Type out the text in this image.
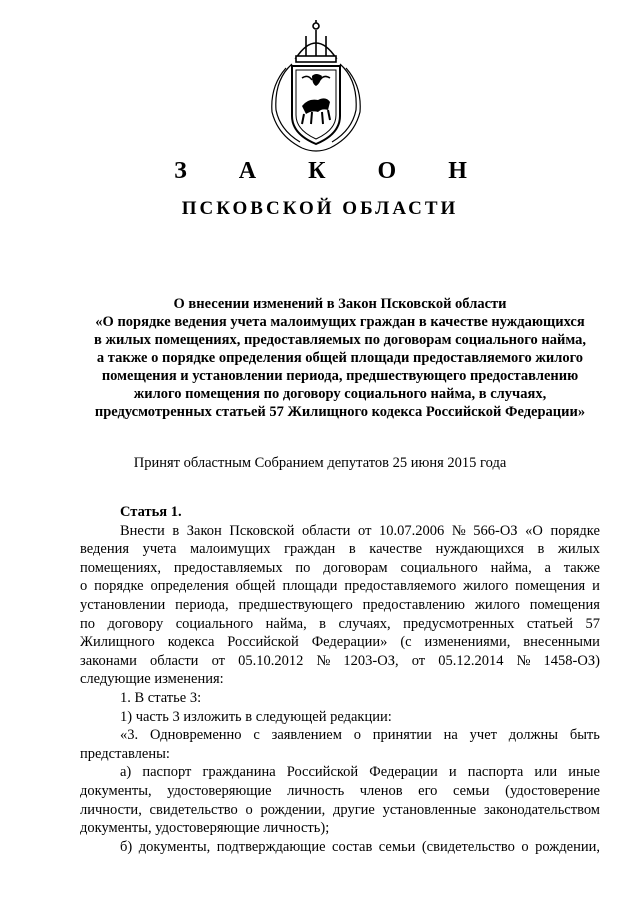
З А К О Н
ПСКОВСКОЙ ОБЛАСТИ
О внесении изменений в Закон Псковской области
«О порядке ведения учета малоимущих граждан в качестве нуждающихся
в жилых помещениях, предоставляемых по договорам социального найма,
а также о порядке определения общей площади предоставляемого жилого
помещения и установлении периода, предшествующего предоставлению
жилого помещения по договору социального найма, в случаях,
предусмотренных статьей 57 Жилищного кодекса Российской Федерации»
Принят областным Собранием депутатов 25 июня 2015 года
Статья 1.
Внести в Закон Псковской области от 10.07.2006 № 566-ОЗ «О порядке
ведения учета малоимущих граждан в качестве нуждающихся в жилых
помещениях, предоставляемых по договорам социального найма, а также
о порядке определения общей площади предоставляемого жилого помещения и
установлении периода, предшествующего предоставлению жилого помещения
по договору социального найма, в случаях, предусмотренных статьей 57
Жилищного кодекса Российской Федерации» (с изменениями, внесенными
законами области от 05.10.2012 № 1203-ОЗ, от 05.12.2014 № 1458-ОЗ)
следующие изменения:
1. В статье 3:
1) часть 3 изложить в следующей редакции:
«3. Одновременно с заявлением о принятии на учет должны быть
представлены:
а) паспорт гражданина Российской Федерации и паспорта или иные
документы, удостоверяющие личность членов его семьи (удостоверение
личности, свидетельство о рождении, другие установленные законодательством
документы, удостоверяющие личность);
б) документы, подтверждающие состав семьи (свидетельство о рождении,
